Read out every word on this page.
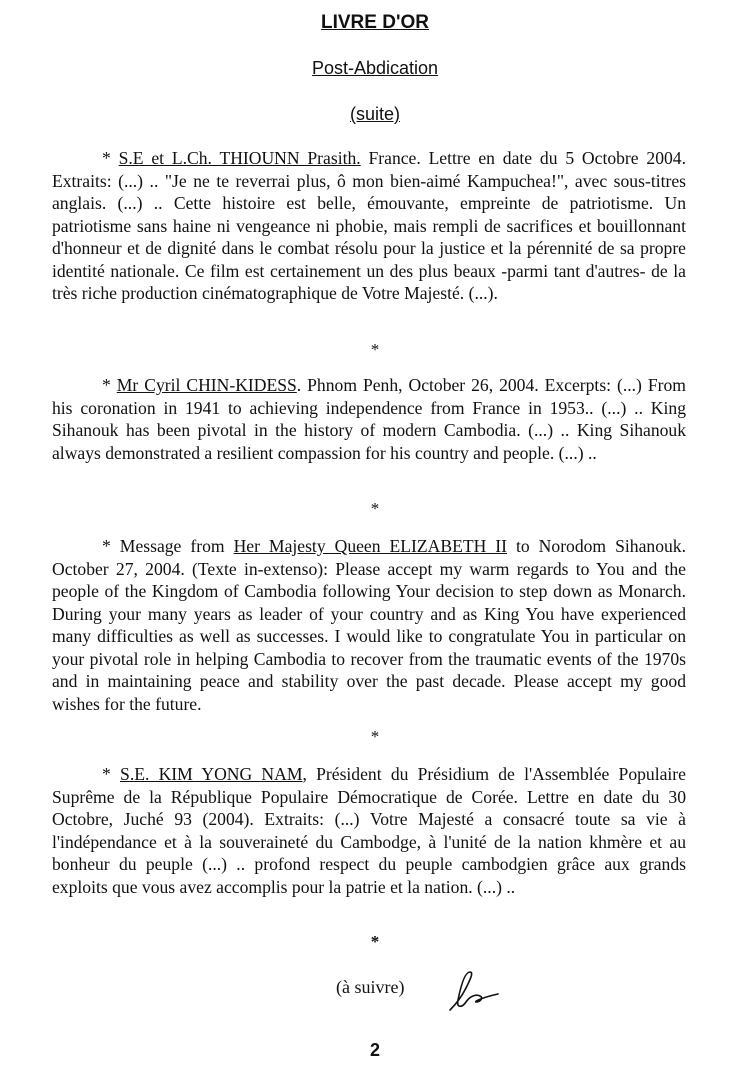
LIVRE D'OR
Post-Abdication
(suite)

* S.E et L.Ch. THIOUNN Prasith. France. Lettre en date du 5 Octobre 2004. Extraits: (...) .. "Je ne te reverrai plus, ô mon bien-aimé Kampuchea!", avec sous-titres anglais. (...) .. Cette histoire est belle, émouvante, empreinte de patriotisme. Un patriotisme sans haine ni vengeance ni phobie, mais rempli de sacrifices et bouillonnant d'honneur et de dignité dans le combat résolu pour la justice et la pérennité de sa propre identité nationale. Ce film est certainement un des plus beaux -parmi tant d'autres- de la très riche production cinématographique de Votre Majesté. (...).

*

* Mr Cyril CHIN-KIDESS. Phnom Penh, October 26, 2004. Excerpts: (...) From his coronation in 1941 to achieving independence from France in 1953.. (...) .. King Sihanouk has been pivotal in the history of modern Cambodia. (...) .. King Sihanouk always demonstrated a resilient compassion for his country and people. (...) ..

*

* Message from Her Majesty Queen ELIZABETH II to Norodom Sihanouk. October 27, 2004. (Texte in-extenso): Please accept my warm regards to You and the people of the Kingdom of Cambodia following Your decision to step down as Monarch. During your many years as leader of your country and as King You have experienced many difficulties as well as successes. I would like to congratulate You in particular on your pivotal role in helping Cambodia to recover from the traumatic events of the 1970s and in maintaining peace and stability over the past decade. Please accept my good wishes for the future.

*

* S.E. KIM YONG NAM, Président du Présidium de l'Assemblée Populaire Suprême de la République Populaire Démocratique de Corée. Lettre en date du 30 Octobre, Juché 93 (2004). Extraits: (...) Votre Majesté a consacré toute sa vie à l'indépendance et à la souveraineté du Cambodge, à l'unité de la nation khmère et au bonheur du peuple (...) .. profond respect du peuple cambodgien grâce aux grands exploits que vous avez accomplis pour la patrie et la nation. (...) ..

*
(à suivre)
2
